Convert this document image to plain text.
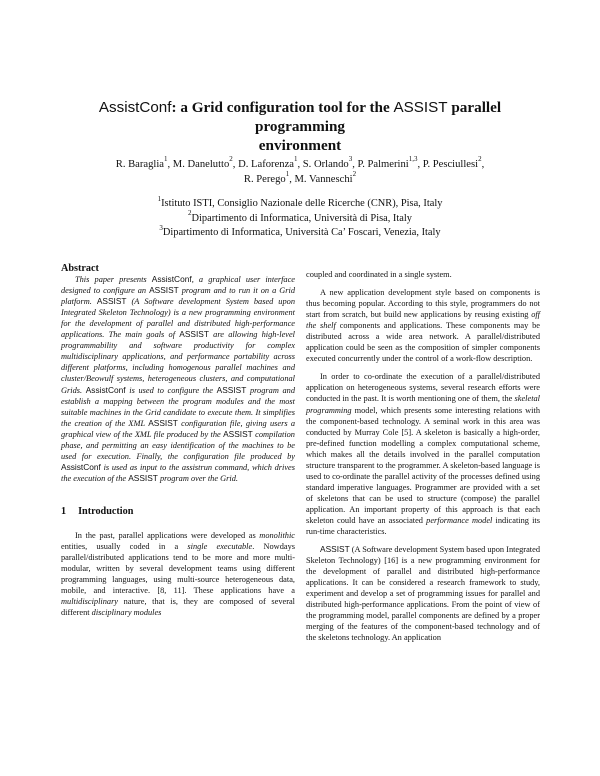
AssistConf: a Grid configuration tool for the ASSIST parallel programming
environment
R. Baraglia$^1$, M. Danelutto$^2$, D. Laforenza$^1$, S. Orlando$^3$, P. Palmerini$^{1,3}$, P. Pesciullesi$^2$,
R. Perego$^1$, M. Vanneschi$^2$
$^1$Istituto ISTI, Consiglio Nazionale delle Ricerche (CNR), Pisa, Italy
$^2$Dipartimento di Informatica, Università di Pisa, Italy
$^3$Dipartimento di Informatica, Università Ca’ Foscari, Venezia, Italy

Abstract

This paper presents AssistConf, a graphical user interface designed to configure an ASSIST program and to run it on a Grid platform. ASSIST (A Software development System based upon Integrated Skeleton Technology) is a new programming environment for the development of parallel and distributed high-performance applications. The main goals of ASSIST are allowing high-level programmability and software productivity for complex multidisciplinary applications, and performance portability across different platforms, including homogenous parallel machines and cluster/Beowulf systems, heterogeneous clusters, and computational Grids. AssistConf is used to configure the ASSIST program and establish a mapping between the program modules and the most suitable machines in the Grid candidate to execute them. It simplifies the creation of the XML ASSIST configuration file, giving users a graphical view of the XML file produced by the ASSIST compilation phase, and permitting an easy identification of the machines to be used for execution. Finally, the configuration file produced by AssistConf is used as input to the assistrun command, which drives the execution of the ASSIST program over the Grid.

1 Introduction

In the past, parallel applications were developed as monolithic entities, usually coded in a single executable. Nowdays parallel/distributed applications tend to be more and more multi-modular, written by several development teams using different programming languages, using multi-source heterogeneous data, mobile, and interactive. [8, 11]. These applications have a multidisciplinary nature, that is, they are composed of several different disciplinary modules

coupled and coordinated in a single system.

A new application development style based on components is thus becoming popular. According to this style, programmers do not start from scratch, but build new applications by reusing existing off the shelf components and applications. These components may be distributed across a wide area network. A parallel/distributed application could be seen as the composition of simpler components executed concurrently under the control of a work-flow description.

In order to co-ordinate the execution of a parallel/distributed application on heterogeneous systems, several research efforts were conducted in the past. It is worth mentioning one of them, the skeletal programming model, which presents some interesting relations with the component-based technology. A seminal work in this area was conducted by Murray Cole [5]. A skeleton is basically a high-order, pre-defined function modelling a complex computational scheme, which makes all the details involved in the parallel computation structure transparent to the programmer. A skeleton-based language is used to co-ordinate the parallel activity of the processes defined using standard imperative languages. Programmer are provided with a set of skeletons that can be used to structure (compose) the parallel application. An important property of this approach is that each skeleton could have an associated performance model indicating its run-time characteristics.

ASSIST (A Software development System based upon Integrated Skeleton Technology) [16] is a new programming environment for the development of parallel and distributed high-performance applications. It can be considered a research framework to study, experiment and develop a set of programming issues for parallel and distributed high-performance applications. From the point of view of the programming model, parallel components are defined by a proper merging of the features of the component-based technology and of the skeletons technology. An application
